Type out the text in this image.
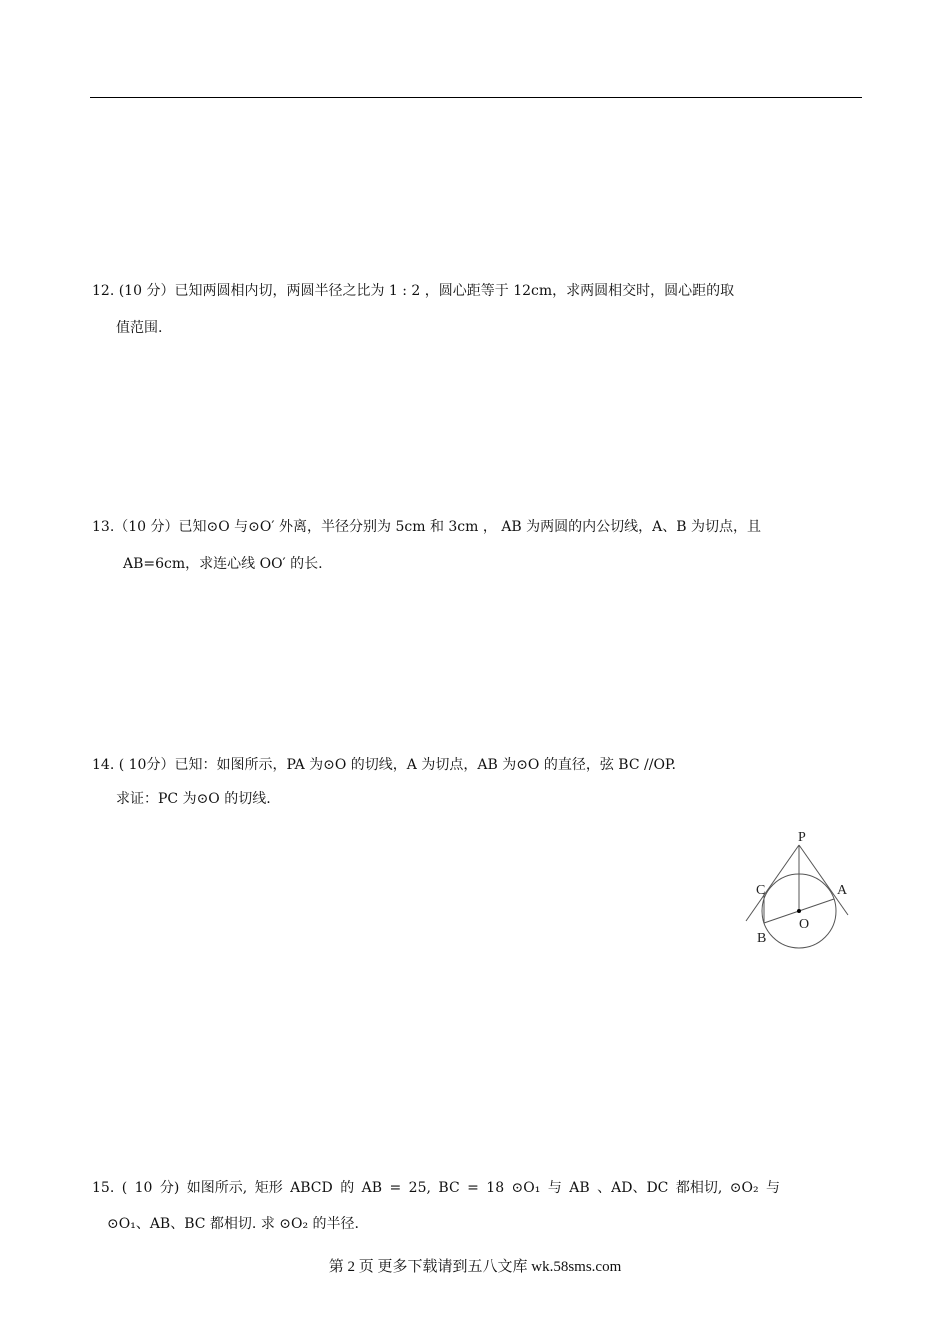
12. (10 分）已知两圆相内切，两圆半径之比为 1 : 2 ，圆心距等于 12cm，求两圆相交时，圆心距的取
值范围.
13.（10 分）已知⊙O 与⊙O′ 外离，半径分别为 5cm 和 3cm ， AB 为两圆的内公切线，A、B 为切点，且
AB=6cm，求连心线 OO′ 的长.
14. ( 10分）已知：如图所示，PA 为⊙O 的切线，A 为切点，AB 为⊙O 的直径，弦 BC //OP.
求证：PC 为⊙O 的切线.
P
C	A
O
B
15. ( 10 分) 如图所示, 矩形 ABCD 的 AB = 25, BC = 18 ⊙O₁ 与 AB 、AD、DC 都相切, ⊙O₂ 与
⊙O₁、AB、BC 都相切. 求 ⊙O₂ 的半径.
第 2 页 更多下载请到五八文库 wk.58sms.com
